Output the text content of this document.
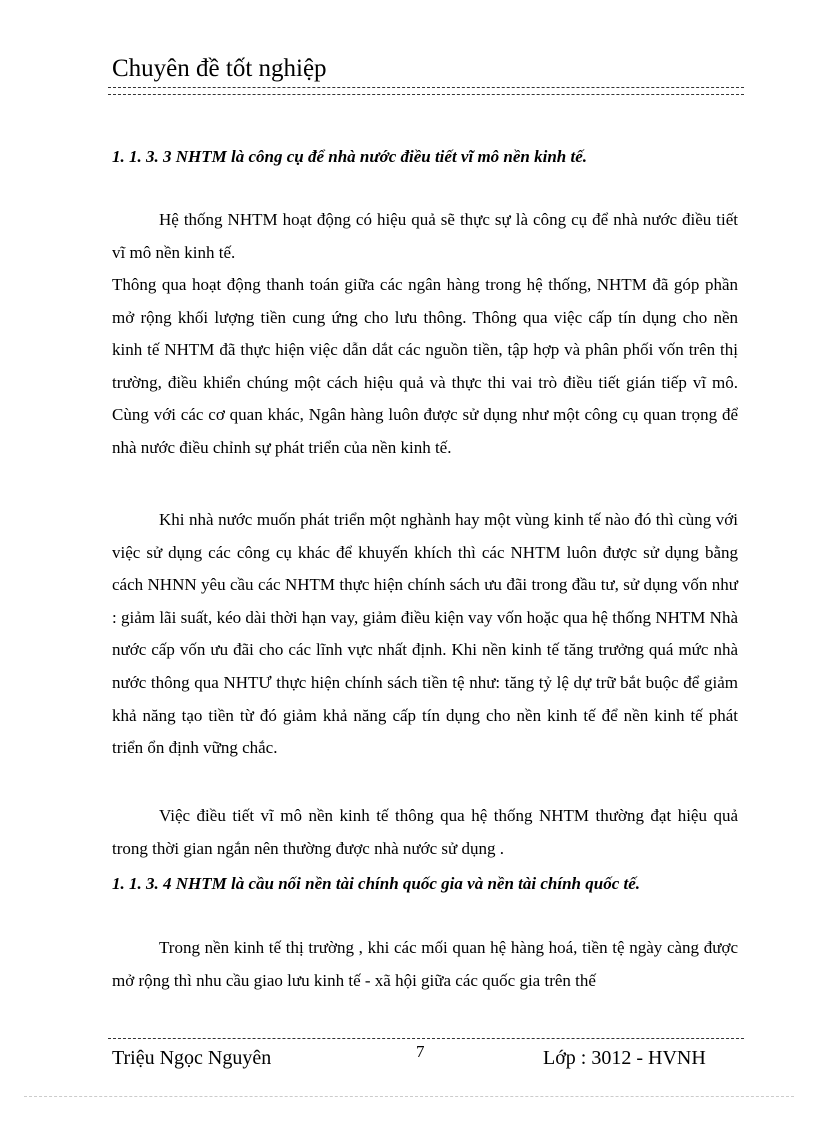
Chuyên đề tốt nghiệp
1. 1. 3. 3 NHTM là công cụ để nhà nước điều tiết vĩ mô nền kinh tế.

Hệ thống NHTM hoạt động có hiệu quả sẽ thực sự là công cụ để nhà nước điều tiết vĩ mô nền kinh tế.

Thông qua hoạt động thanh toán giữa các ngân hàng trong hệ thống, NHTM đã góp phần mở rộng khối lượng tiền cung ứng cho lưu thông. Thông qua việc cấp tín dụng cho nền kinh tế NHTM đã thực hiện việc dẫn dắt các nguồn tiền, tập hợp và phân phối vốn trên thị trường, điều khiển chúng một cách hiệu quả và thực thi vai trò điều tiết gián tiếp vĩ mô. Cùng với các cơ quan khác, Ngân hàng luôn được sử dụng như một công cụ quan trọng để nhà nước điều chỉnh sự phát triển của nền kinh tế.

Khi nhà nước muốn phát triển một nghành hay một vùng kinh tế nào đó thì cùng với việc sử dụng các công cụ khác để khuyến khích thì các NHTM luôn được sử dụng bằng cách NHNN yêu cầu các NHTM thực hiện chính sách ưu đãi trong đầu tư, sử dụng vốn như : giảm lãi suất, kéo dài thời hạn vay, giảm điều kiện vay vốn hoặc qua hệ thống NHTM Nhà nước cấp vốn ưu đãi cho các lĩnh vực nhất định. Khi nền kinh tế tăng trưởng quá mức nhà nước thông qua NHTƯ thực hiện chính sách tiền tệ như: tăng tỷ lệ dự trữ bắt buộc để giảm khả năng tạo tiền từ đó giảm khả năng cấp tín dụng cho nền kinh tế để nền kinh tế phát triển ổn định vững chắc.

Việc điều tiết vĩ mô nền kinh tế thông qua hệ thống NHTM thường đạt hiệu quả trong thời gian ngắn nên thường được nhà nước sử dụng .

1. 1. 3. 4 NHTM là cầu nối nền tài chính quốc gia và nền tài chính quốc tế.

Trong nền kinh tế thị trường , khi các mối quan hệ hàng hoá, tiền tệ ngày càng được mở rộng thì nhu cầu giao lưu kinh tế - xã hội giữa các quốc gia trên thế

Triệu Ngọc Nguyên	7	Lớp : 3012 - HVNH
